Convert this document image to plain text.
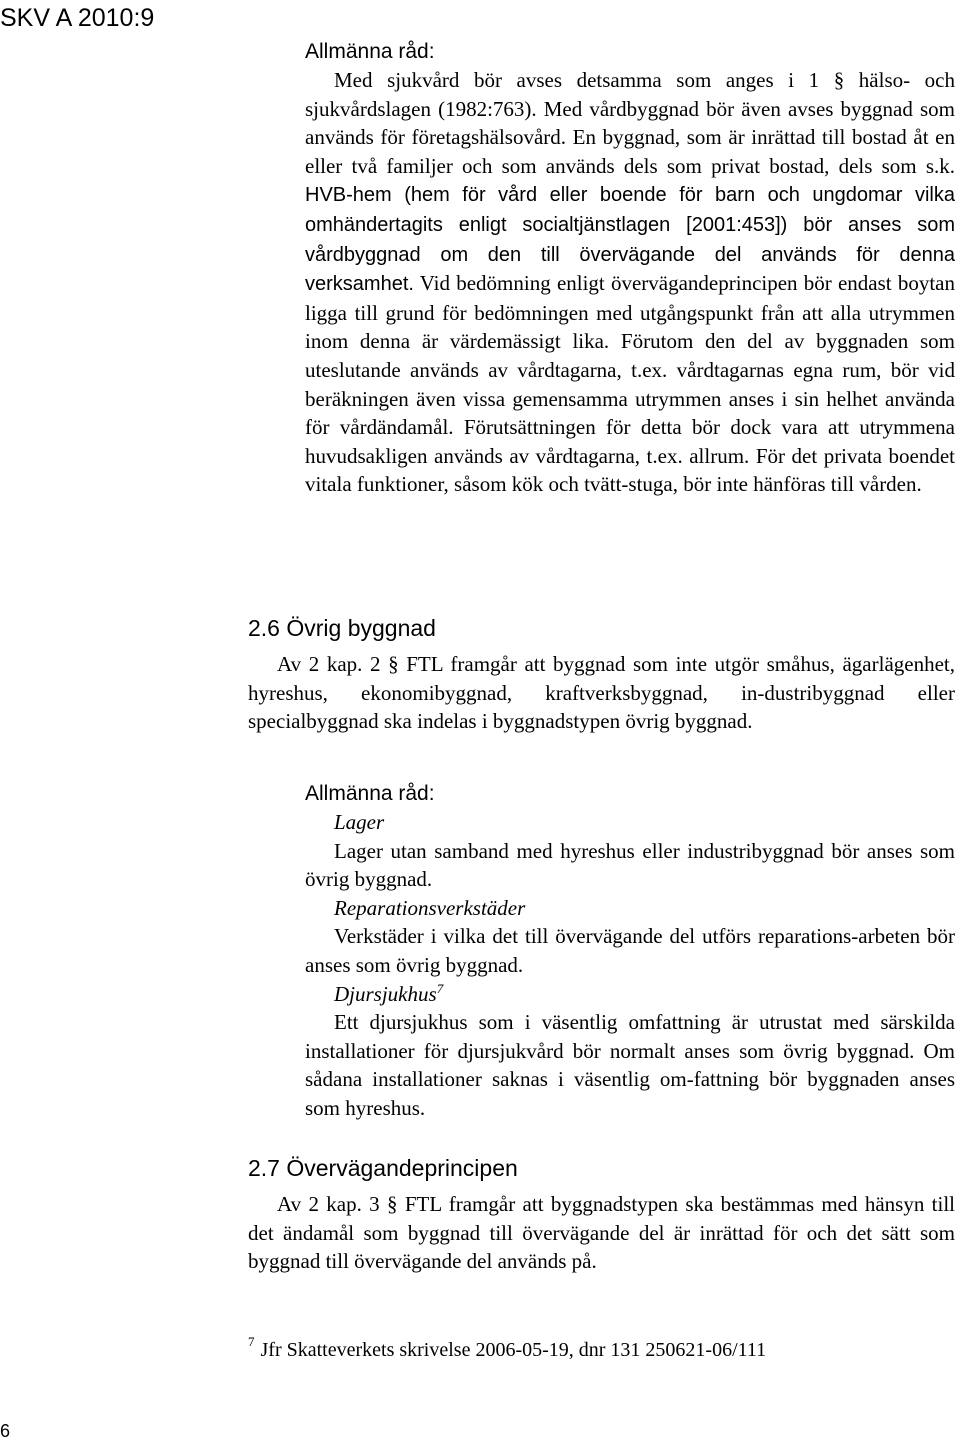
SKV A 2010:9
Allmänna råd:
Med sjukvård bör avses detsamma som anges i 1 § hälso- och sjukvårdslagen (1982:763). Med vårdbyggnad bör även avses byggnad som används för företagshälsovård. En byggnad, som är inrättad till bostad åt en eller två familjer och som används dels som privat bostad, dels som s.k. HVB-hem (hem för vård eller boende för barn och ungdomar vilka omhändertagits enligt socialtjänstlagen [2001:453]) bör anses som vårdbyggnad om den till övervägande del används för denna verksamhet. Vid bedömning enligt övervägandeprincipen bör endast boytan ligga till grund för bedömningen med utgångspunkt från att alla utrymmen inom denna är värdemässigt lika. Förutom den del av byggnaden som uteslutande används av vårdtagarna, t.ex. vårdtagarnas egna rum, bör vid beräkningen även vissa gemensamma utrymmen anses i sin helhet använda för vårdändamål. Förutsättningen för detta bör dock vara att utrymmena huvudsakligen används av vårdtagarna, t.ex. allrum. För det privata boendet vitala funktioner, såsom kök och tvätt-stuga, bör inte hänföras till vården.
2.6 Övrig byggnad
Av 2 kap. 2 § FTL framgår att byggnad som inte utgör småhus, ägarlägenhet, hyreshus, ekonomibyggnad, kraftverksbyggnad, in-dustribyggnad eller specialbyggnad ska indelas i byggnadstypen övrig byggnad.
Allmänna råd:
Lager
Lager utan samband med hyreshus eller industribyggnad bör anses som övrig byggnad.
Reparationsverkstäder
Verkstäder i vilka det till övervägande del utförs reparations-arbeten bör anses som övrig byggnad.
Djursjukhus$^7$
Ett djursjukhus som i väsentlig omfattning är utrustat med särskilda installationer för djursjukvård bör normalt anses som övrig byggnad. Om sådana installationer saknas i väsentlig om-fattning bör byggnaden anses som hyreshus.
2.7 Övervägandeprincipen
Av 2 kap. 3 § FTL framgår att byggnadstypen ska bestämmas med hänsyn till det ändamål som byggnad till övervägande del är inrättad för och det sätt som byggnad till övervägande del används på.
$^7$ Jfr Skatteverkets skrivelse 2006-05-19, dnr 131 250621-06/111
6
